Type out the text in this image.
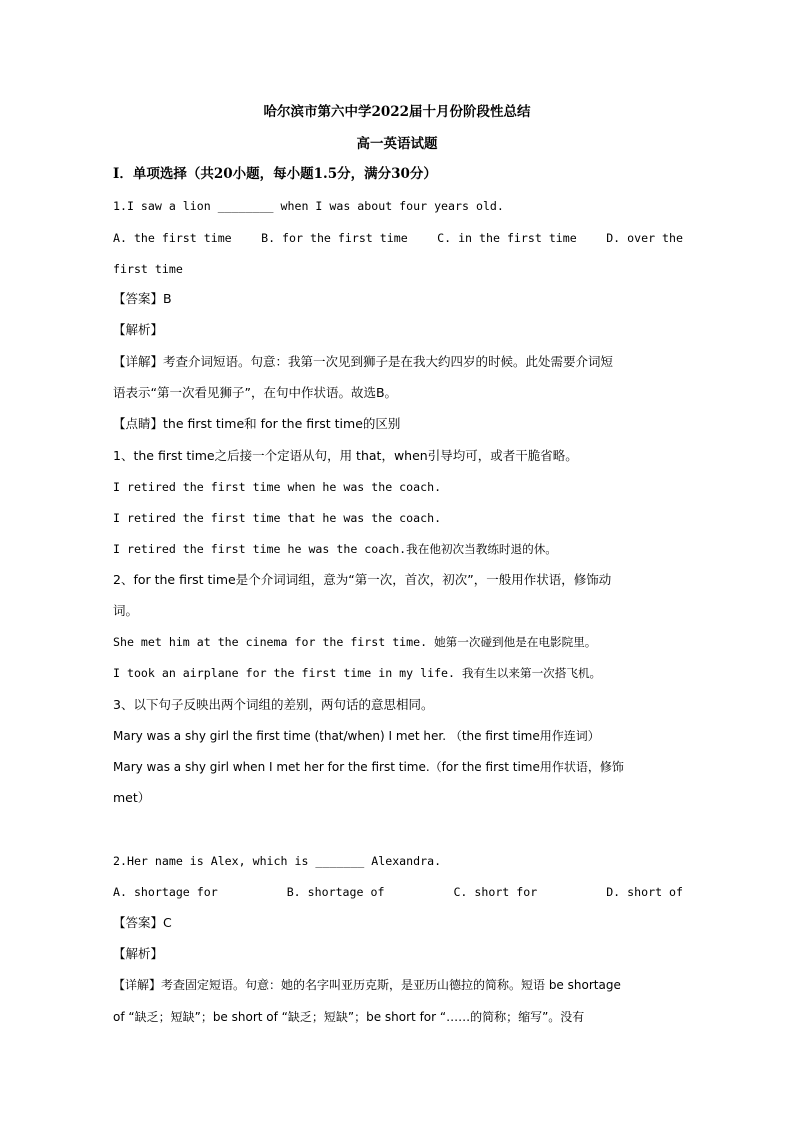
哈尔滨市第六中学2022届十月份阶段性总结
高一英语试题
I．单项选择（共20小题，每小题1.5分，满分30分）
1.I saw a lion ________ when I was about four years old.
A. the first time	B. for the first time	C. in the first time	D. over the
first time
【答案】B
【解析】
【详解】考查介词短语。句意：我第一次见到狮子是在我大约四岁的时候。此处需要介词短
语表示“第一次看见狮子”，在句中作状语。故选B。
【点睛】the first time和 for the first time的区别
1、the first time之后接一个定语从句，用 that，when引导均可，或者干脆省略。
I retired the first time when he was the coach.
I retired the first time that he was the coach.
I retired the first time he was the coach.我在他初次当教练时退的休。
2、for the first time是个介词词组，意为“第一次，首次，初次”，一般用作状语，修饰动
词。
She met him at the cinema for the first time. 她第一次碰到他是在电影院里。
I took an airplane for the first time in my life. 我有生以来第一次搭飞机。
3、以下句子反映出两个词组的差别，两句话的意思相同。
Mary was a shy girl the first time (that/when) I met her. （the first time用作连词）
Mary was a shy girl when I met her for the first time.（for the first time用作状语，修饰
met）
2.Her name is Alex, which is _______ Alexandra.
A. shortage for	B. shortage of	C. short for	D. short of
【答案】C
【解析】
【详解】考查固定短语。句意：她的名字叫亚历克斯，是亚历山德拉的简称。短语 be shortage
of “缺乏；短缺”；be short of “缺乏；短缺”；be short for “……的简称；缩写”。没有
